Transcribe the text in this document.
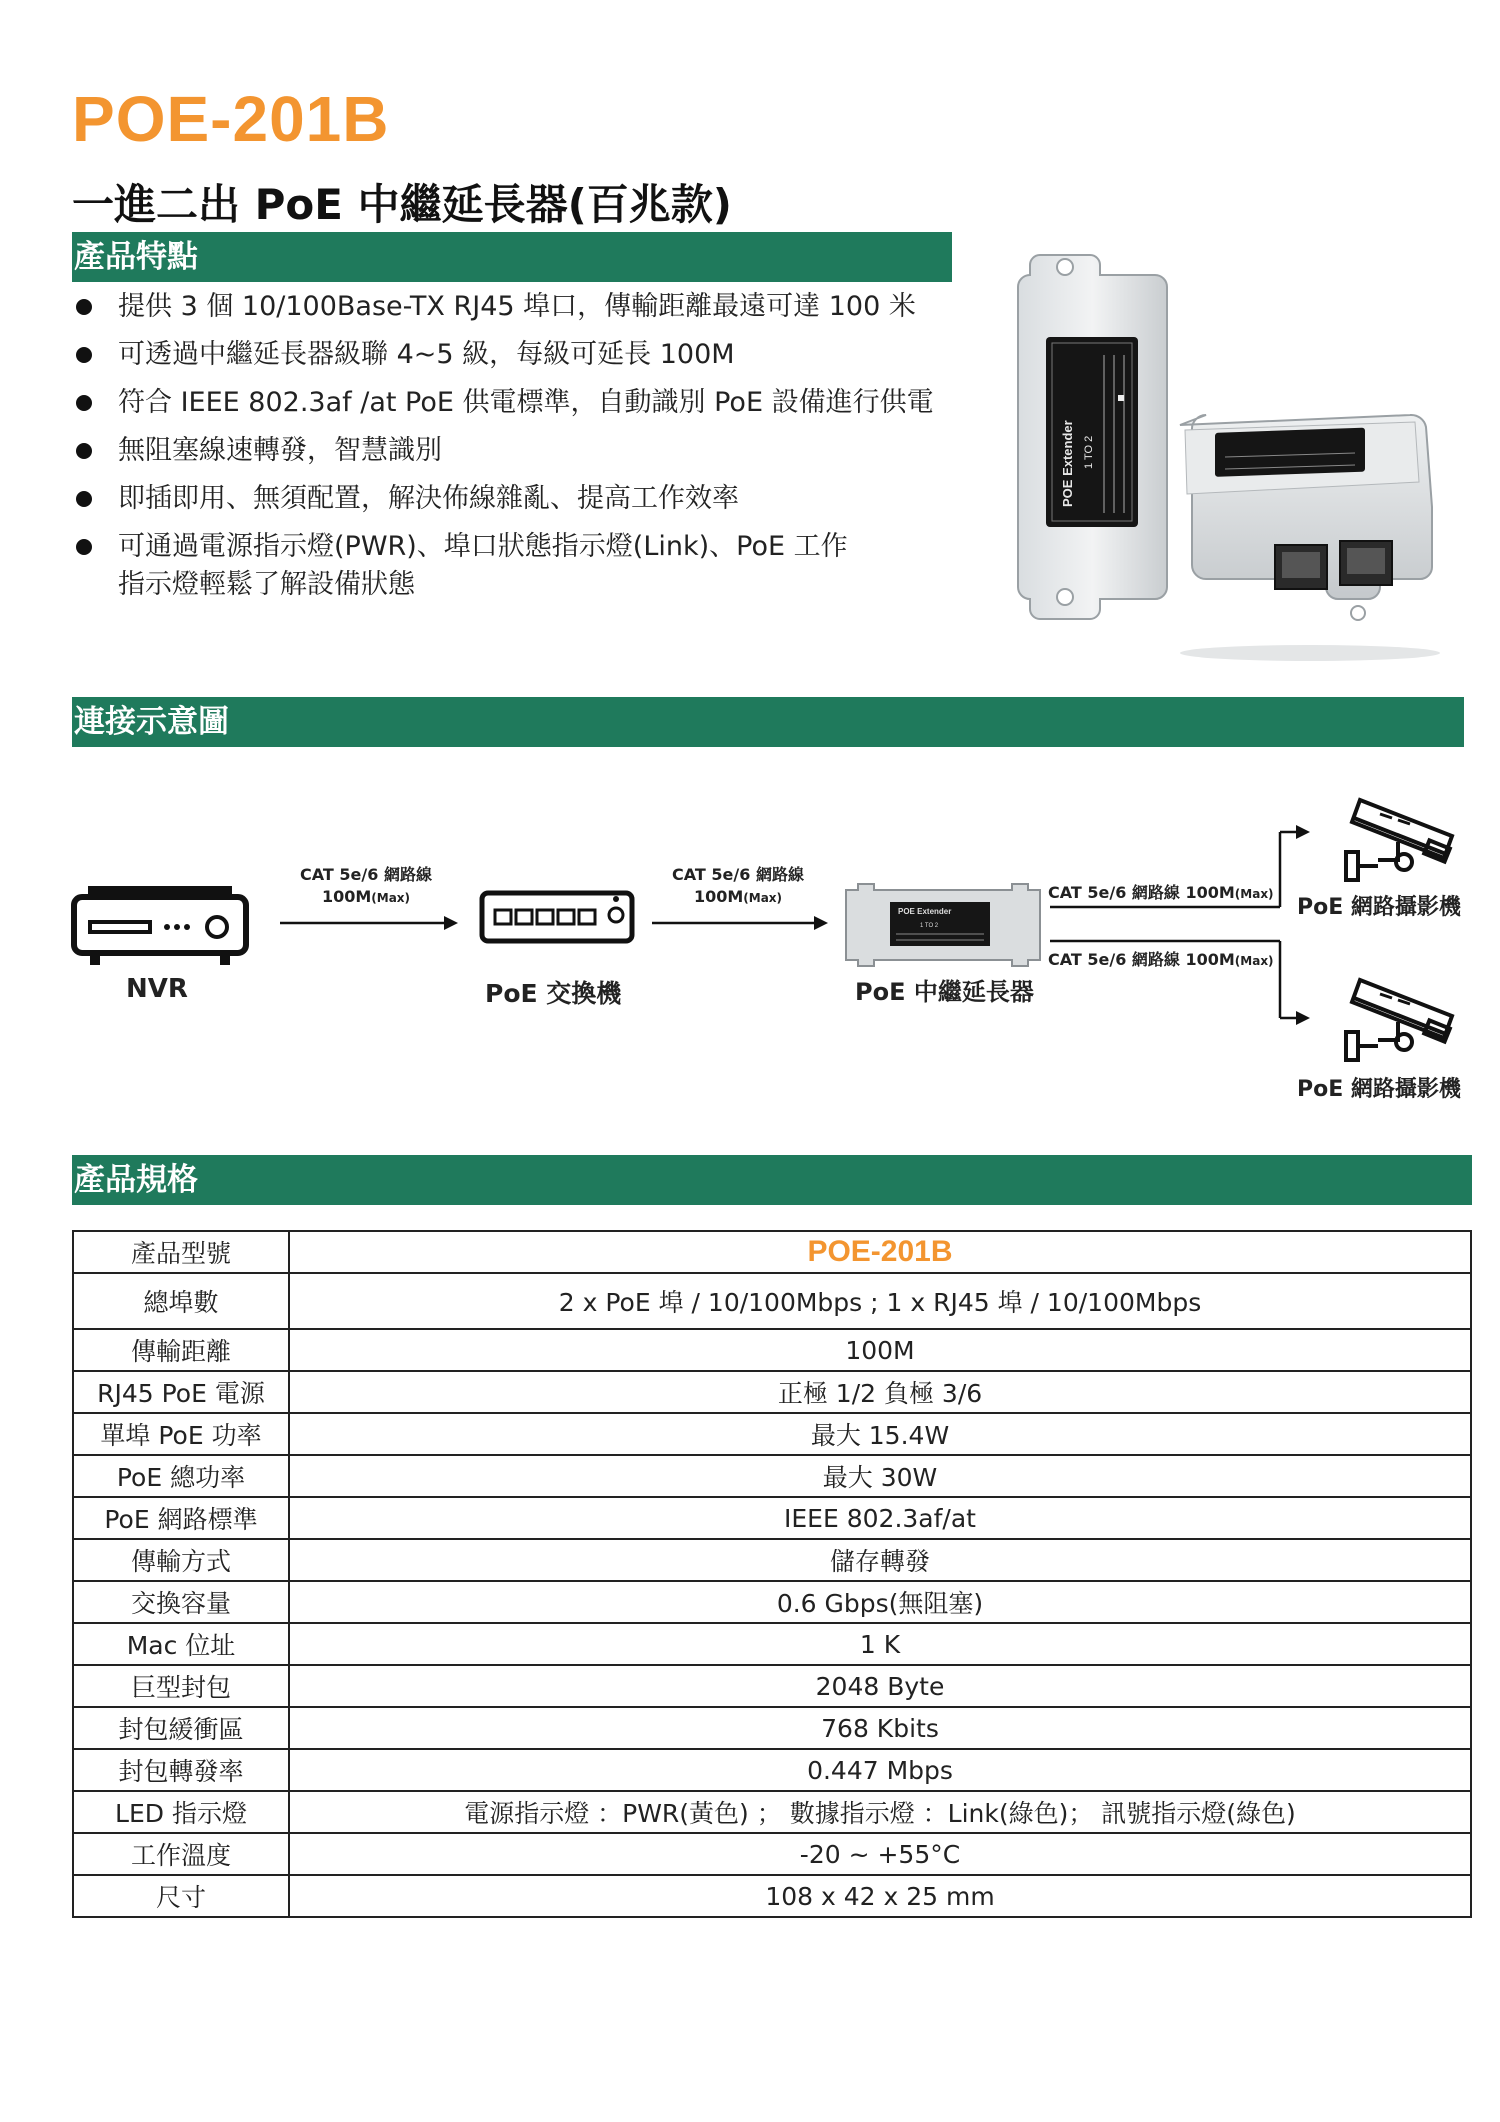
POE-201B
一進二出 PoE 中繼延長器(百兆款)
產品特點
提供 3 個 10/100Base-TX RJ45 埠口，傳輸距離最遠可達 100 米
可透過中繼延長器級聯 4~5 級，每級可延長 100M
符合 IEEE 802.3af /at PoE 供電標準，自動識別 PoE 設備進行供電
無阻塞線速轉發，智慧識別
即插即用、無須配置，解決佈線雜亂、提高工作效率
可通過電源指示燈(PWR)、埠口狀態指示燈(Link)、PoE 工作
指示燈輕鬆了解設備狀態
POE Extender 1 TO 2
連接示意圖
POE Extender
1 TO 2
CAT 5e/6 網路線
100M(Max)
CAT 5e/6 網路線
100M(Max)	CAT 5e/6 網路線 100M(Max)
CAT 5e/6 網路線 100M(Max)
NVR	PoE 交換機	PoE 中繼延長器
PoE 網路攝影機
PoE 網路攝影機
產品規格
產品型號	POE-201B
總埠數	2 x PoE 埠 / 10/100Mbps ; 1 x RJ45 埠 / 10/100Mbps
傳輸距離	100M
RJ45 PoE 電源	正極 1/2 負極 3/6
單埠 PoE 功率	最大 15.4W
PoE 總功率	最大 30W
PoE 網路標準	IEEE 802.3af/at
傳輸方式	儲存轉發
交換容量	0.6 Gbps(無阻塞)
Mac 位址	1 K
巨型封包	2048 Byte
封包緩衝區	768 Kbits
封包轉發率	0.447 Mbps
LED 指示燈	電源指示燈 ：PWR(黃色) ； 數據指示燈 ：Link(綠色)； 訊號指示燈(綠色)
工作溫度	-20 ~ +55°C
尺寸	108 x 42 x 25 mm
